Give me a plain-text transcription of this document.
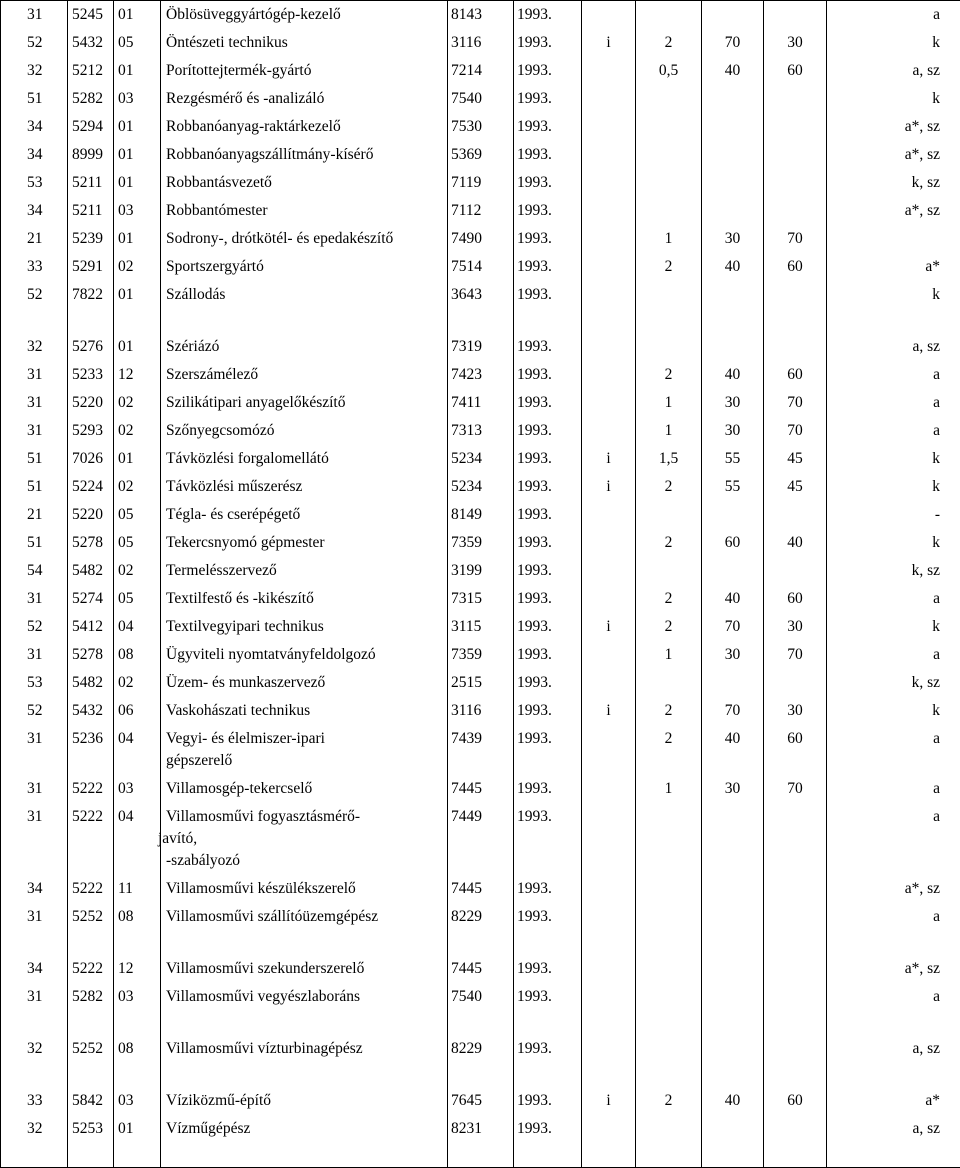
31	5245	01	Öblösüveggyártógép-kezelő	8143	1993.					a
52	5432	05	Öntészeti technikus	3116	1993.	i	2	70	30	k
32	5212	01	Porítottejtermék-gyártó	7214	1993.		0,5	40	60	a, sz
51	5282	03	Rezgésmérő és -analizáló	7540	1993.					k
34	5294	01	Robbanóanyag-raktárkezelő	7530	1993.					a*, sz
34	8999	01	Robbanóanyagszállítmány-kísérő	5369	1993.					a*, sz
53	5211	01	Robbantásvezető	7119	1993.					k, sz
34	5211	03	Robbantómester	7112	1993.					a*, sz
21	5239	01	Sodrony-, drótkötél- és epedakészítő	7490	1993.		1	30	70	
33	5291	02	Sportszergyártó	7514	1993.		2	40	60	a*
52	7822	01	Szállodás	3643	1993.					k
32	5276	01	Szériázó	7319	1993.					a, sz
31	5233	12	Szerszámélező	7423	1993.		2	40	60	a
31	5220	02	Szilikátipari anyagelőkészítő	7411	1993.		1	30	70	a
31	5293	02	Szőnyegcsomózó	7313	1993.		1	30	70	a
51	7026	01	Távközlési forgalomellátó	5234	1993.	i	1,5	55	45	k
51	5224	02	Távközlési műszerész	5234	1993.	i	2	55	45	k
21	5220	05	Tégla- és cserépégető	8149	1993.					-
51	5278	05	Tekercsnyomó gépmester	7359	1993.		2	60	40	k
54	5482	02	Termelésszervező	3199	1993.					k, sz
31	5274	05	Textilfestő és -kikészítő	7315	1993.		2	40	60	a
52	5412	04	Textilvegyipari technikus	3115	1993.	i	2	70	30	k
31	5278	08	Ügyviteli nyomtatványfeldolgozó	7359	1993.		1	30	70	a
53	5482	02	Üzem- és munkaszervező	2515	1993.					k, sz
52	5432	06	Vaskohászati technikus	3116	1993.	i	2	70	30	k
31	5236	04	Vegyi- és élelmiszer-ipari
gépszerelő	7439	1993.		2	40	60	a
31	5222	03	Villamosgép-tekercselő	7445	1993.		1	30	70	a
31	5222	04	Villamosművi fogyasztásmérő-
javító,
-szabályozó	7449	1993.					a
34	5222	11	Villamosművi készülékszerelő	7445	1993.					a*, sz
31	5252	08	Villamosművi szállítóüzemgépész	8229	1993.					a
34	5222	12	Villamosművi szekunderszerelő	7445	1993.					a*, sz
31	5282	03	Villamosművi vegyészlaboráns	7540	1993.					a
32	5252	08	Villamosművi vízturbinagépész	8229	1993.					a, sz
33	5842	03	Víziközmű-építő	7645	1993.	i	2	40	60	a*
32	5253	01	Vízműgépész	8231	1993.					a, sz
